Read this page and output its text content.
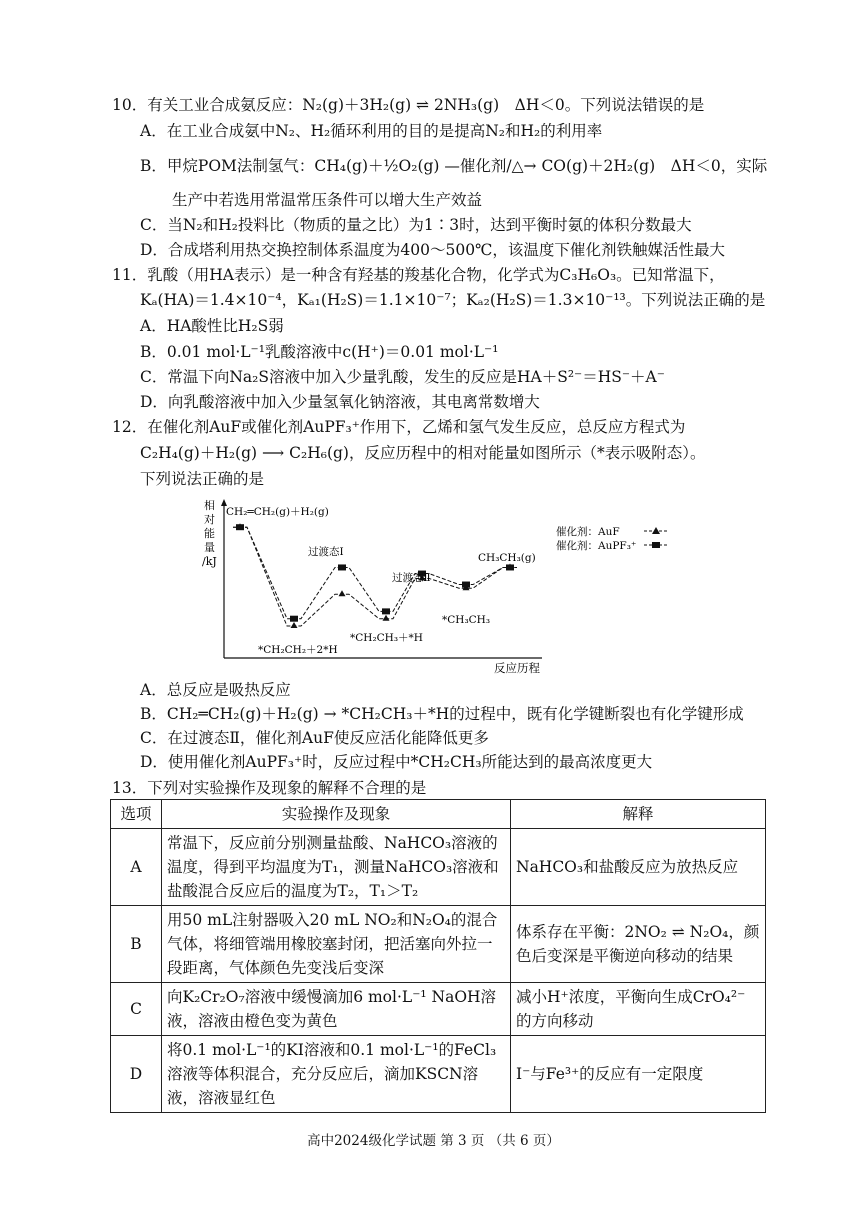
10．有关工业合成氨反应：N₂(g)＋3H₂(g) ⇌ 2NH₃(g)　ΔH＜0。下列说法错误的是
A．在工业合成氨中N₂、H₂循环利用的目的是提高N₂和H₂的利用率
B．甲烷POM法制氢气：CH₄(g)＋½O₂(g) —催化剂/△→ CO(g)＋2H₂(g)　ΔH＜0，实际
生产中若选用常温常压条件可以增大生产效益
C．当N₂和H₂投料比（物质的量之比）为1∶3时，达到平衡时氨的体积分数最大
D．合成塔利用热交换控制体系温度为400～500℃，该温度下催化剂铁触媒活性最大
11．乳酸（用HA表示）是一种含有羟基的羧基化合物，化学式为C₃H₆O₃。已知常温下，
Kₐ(HA)＝1.4×10⁻⁴，Kₐ₁(H₂S)＝1.1×10⁻⁷；Kₐ₂(H₂S)＝1.3×10⁻¹³。下列说法正确的是
A．HA酸性比H₂S弱
B．0.01 mol·L⁻¹乳酸溶液中c(H⁺)＝0.01 mol·L⁻¹
C．常温下向Na₂S溶液中加入少量乳酸，发生的反应是HA＋S²⁻＝HS⁻＋A⁻
D．向乳酸溶液中加入少量氢氧化钠溶液，其电离常数增大
12．在催化剂AuF或催化剂AuPF₃⁺作用下，乙烯和氢气发生反应，总反应方程式为
C₂H₄(g)＋H₂(g) ⟶ C₂H₆(g)，反应历程中的相对能量如图所示（*表示吸附态）。
下列说法正确的是
相
对
能
量
/kJ
反应历程
CH₂═CH₂(g)＋H₂(g)
*CH₂CH₂＋2*H
过渡态Ⅰ
*CH₂CH₃＋*H
过渡态Ⅱ
*CH₃CH₃
CH₃CH₃(g)
催化剂：AuF
催化剂：AuPF₃⁺
A．总反应是吸热反应
B．CH₂═CH₂(g)＋H₂(g) → *CH₂CH₃＋*H的过程中，既有化学键断裂也有化学键形成
C．在过渡态Ⅱ，催化剂AuF使反应活化能降低更多
D．使用催化剂AuPF₃⁺时，反应过程中*CH₂CH₃所能达到的最高浓度更大
13．下列对实验操作及现象的解释不合理的是
选项	实验操作及现象	解释
A	常温下，反应前分别测量盐酸、NaHCO₃溶液的温度，得到平均温度为T₁，测量NaHCO₃溶液和盐酸混合反应后的温度为T₂，T₁＞T₂	NaHCO₃和盐酸反应为放热反应
B	用50 mL注射器吸入20 mL NO₂和N₂O₄的混合气体，将细管端用橡胶塞封闭，把活塞向外拉一段距离，气体颜色先变浅后变深	体系存在平衡：2NO₂ ⇌ N₂O₄，颜色后变深是平衡逆向移动的结果
C	向K₂Cr₂O₇溶液中缓慢滴加6 mol·L⁻¹ NaOH溶液，溶液由橙色变为黄色	减小H⁺浓度，平衡向生成CrO₄²⁻的方向移动
D	将0.1 mol·L⁻¹的KI溶液和0.1 mol·L⁻¹的FeCl₃溶液等体积混合，充分反应后，滴加KSCN溶液，溶液显红色	I⁻与Fe³⁺的反应有一定限度
高中2024级化学试题 第 3 页 （共 6 页）
